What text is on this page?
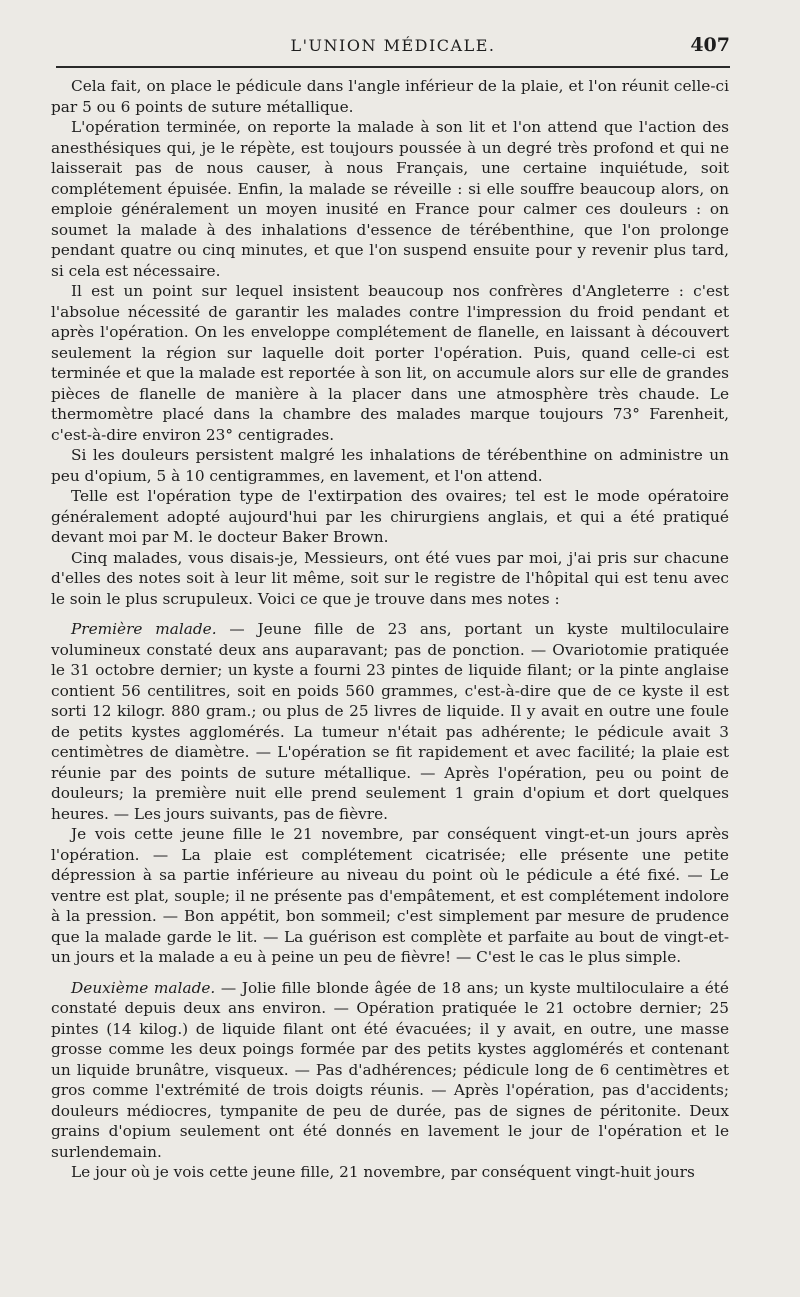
L'UNION MÉDICALE.	407

Cela fait, on place le pédicule dans l'angle inférieur de la plaie, et l'on réunit celle-ci par 5 ou 6 points de suture métallique.

L'opération terminée, on reporte la malade à son lit et l'on attend que l'action des anesthésiques qui, je le répète, est toujours poussée à un degré très profond et qui ne laisserait pas de nous causer, à nous Français, une certaine inquiétude, soit complétement épuisée. Enfin, la malade se réveille : si elle souffre beaucoup alors, on emploie généralement un moyen inusité en France pour calmer ces douleurs : on soumet la malade à des inhalations d'essence de térébenthine, que l'on prolonge pendant quatre ou cinq minutes, et que l'on suspend ensuite pour y revenir plus tard, si cela est nécessaire.

Il est un point sur lequel insistent beaucoup nos confrères d'Angleterre : c'est l'absolue nécessité de garantir les malades contre l'impression du froid pendant et après l'opération. On les enveloppe complétement de flanelle, en laissant à découvert seulement la région sur laquelle doit porter l'opération. Puis, quand celle-ci est terminée et que la malade est reportée à son lit, on accumule alors sur elle de grandes pièces de flanelle de manière à la placer dans une atmosphère très chaude. Le thermomètre placé dans la chambre des malades marque toujours 73° Farenheit, c'est-à-dire environ 23° centigrades.

Si les douleurs persistent malgré les inhalations de térébenthine on administre un peu d'opium, 5 à 10 centigrammes, en lavement, et l'on attend.

Telle est l'opération type de l'extirpation des ovaires; tel est le mode opératoire généralement adopté aujourd'hui par les chirurgiens anglais, et qui a été pratiqué devant moi par M. le docteur Baker Brown.

Cinq malades, vous disais-je, Messieurs, ont été vues par moi, j'ai pris sur chacune d'elles des notes soit à leur lit même, soit sur le registre de l'hôpital qui est tenu avec le soin le plus scrupuleux. Voici ce que je trouve dans mes notes :

Première malade. — Jeune fille de 23 ans, portant un kyste multiloculaire volumineux constaté deux ans auparavant; pas de ponction. — Ovariotomie pratiquée le 31 octobre dernier; un kyste a fourni 23 pintes de liquide filant; or la pinte anglaise contient 56 centilitres, soit en poids 560 grammes, c'est-à-dire que de ce kyste il est sorti 12 kilogr. 880 gram.; ou plus de 25 livres de liquide. Il y avait en outre une foule de petits kystes agglomérés. La tumeur n'était pas adhérente; le pédicule avait 3 centimètres de diamètre. — L'opération se fit rapidement et avec facilité; la plaie est réunie par des points de suture métallique. — Après l'opération, peu ou point de douleurs; la première nuit elle prend seulement 1 grain d'opium et dort quelques heures. — Les jours suivants, pas de fièvre.

Je vois cette jeune fille le 21 novembre, par conséquent vingt-et-un jours après l'opération. — La plaie est complétement cicatrisée; elle présente une petite dépression à sa partie inférieure au niveau du point où le pédicule a été fixé. — Le ventre est plat, souple; il ne présente pas d'empâtement, et est complétement indolore à la pression. — Bon appétit, bon sommeil; c'est simplement par mesure de prudence que la malade garde le lit. — La guérison est complète et parfaite au bout de vingt-et-un jours et la malade a eu à peine un peu de fièvre! — C'est le cas le plus simple.

Deuxième malade. — Jolie fille blonde âgée de 18 ans; un kyste multiloculaire a été constaté depuis deux ans environ. — Opération pratiquée le 21 octobre dernier; 25 pintes (14 kilog.) de liquide filant ont été évacuées; il y avait, en outre, une masse grosse comme les deux poings formée par des petits kystes agglomérés et contenant un liquide brunâtre, visqueux. — Pas d'adhérences; pédicule long de 6 centimètres et gros comme l'extrémité de trois doigts réunis. — Après l'opération, pas d'accidents; douleurs médiocres, tympanite de peu de durée, pas de signes de péritonite. Deux grains d'opium seulement ont été donnés en lavement le jour de l'opération et le surlendemain.

Le jour où je vois cette jeune fille, 21 novembre, par conséquent vingt-huit jours
